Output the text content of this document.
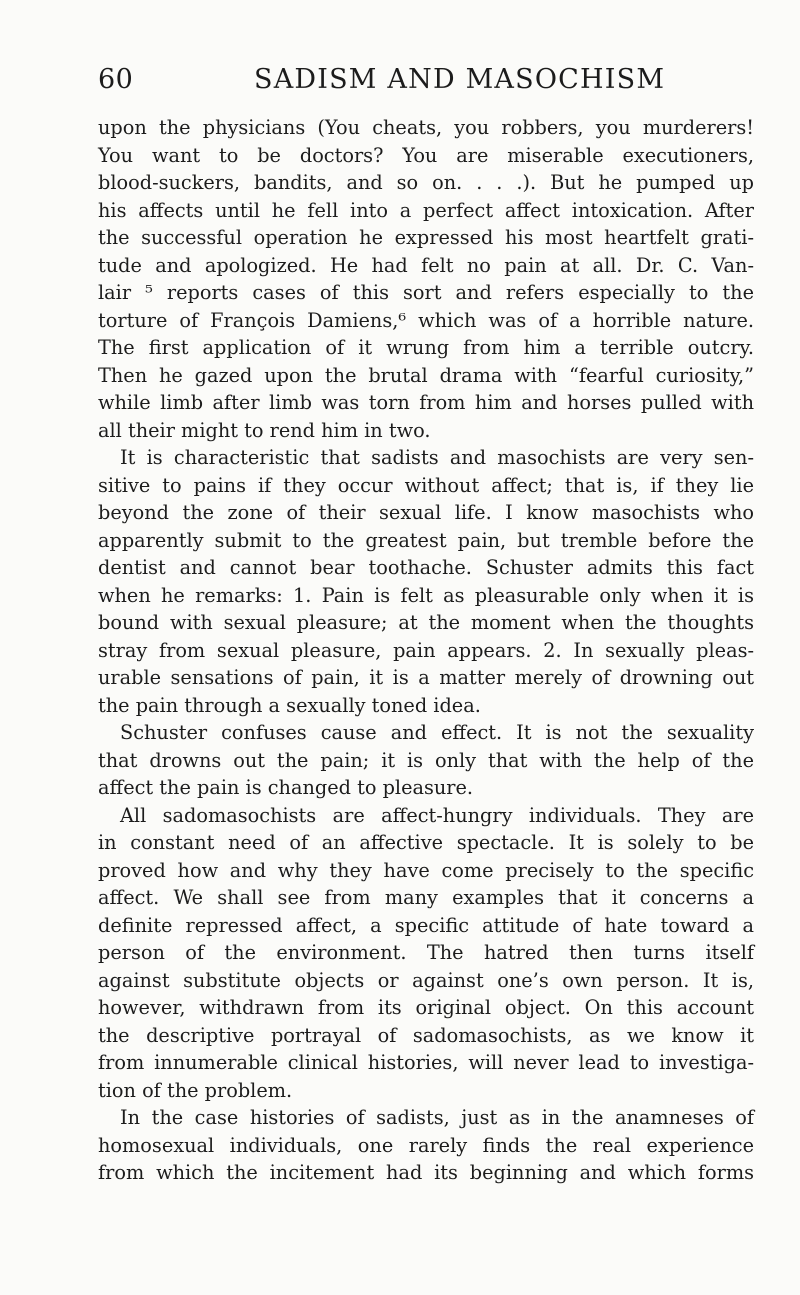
60	SADISM AND MASOCHISM
upon the physicians (You cheats, you robbers, you murderers!
You want to be doctors? You are miserable executioners,
blood-suckers, bandits, and so on. . . .). But he pumped up
his affects until he fell into a perfect affect intoxication. After
the successful operation he expressed his most heartfelt grati-
tude and apologized. He had felt no pain at all. Dr. C. Van-
lair ⁵ reports cases of this sort and refers especially to the
torture of François Damiens,⁶ which was of a horrible nature.
The first application of it wrung from him a terrible outcry.
Then he gazed upon the brutal drama with “fearful curiosity,”
while limb after limb was torn from him and horses pulled with
all their might to rend him in two.
It is characteristic that sadists and masochists are very sen-
sitive to pains if they occur without affect; that is, if they lie
beyond the zone of their sexual life. I know masochists who
apparently submit to the greatest pain, but tremble before the
dentist and cannot bear toothache. Schuster admits this fact
when he remarks: 1. Pain is felt as pleasurable only when it is
bound with sexual pleasure; at the moment when the thoughts
stray from sexual pleasure, pain appears. 2. In sexually pleas-
urable sensations of pain, it is a matter merely of drowning out
the pain through a sexually toned idea.
Schuster confuses cause and effect. It is not the sexuality
that drowns out the pain; it is only that with the help of the
affect the pain is changed to pleasure.
All sadomasochists are affect-hungry individuals. They are
in constant need of an affective spectacle. It is solely to be
proved how and why they have come precisely to the specific
affect. We shall see from many examples that it concerns a
definite repressed affect, a specific attitude of hate toward a
person of the environment. The hatred then turns itself
against substitute objects or against one’s own person. It is,
however, withdrawn from its original object. On this account
the descriptive portrayal of sadomasochists, as we know it
from innumerable clinical histories, will never lead to investiga-
tion of the problem.
In the case histories of sadists, just as in the anamneses of
homosexual individuals, one rarely finds the real experience
from which the incitement had its beginning and which forms
